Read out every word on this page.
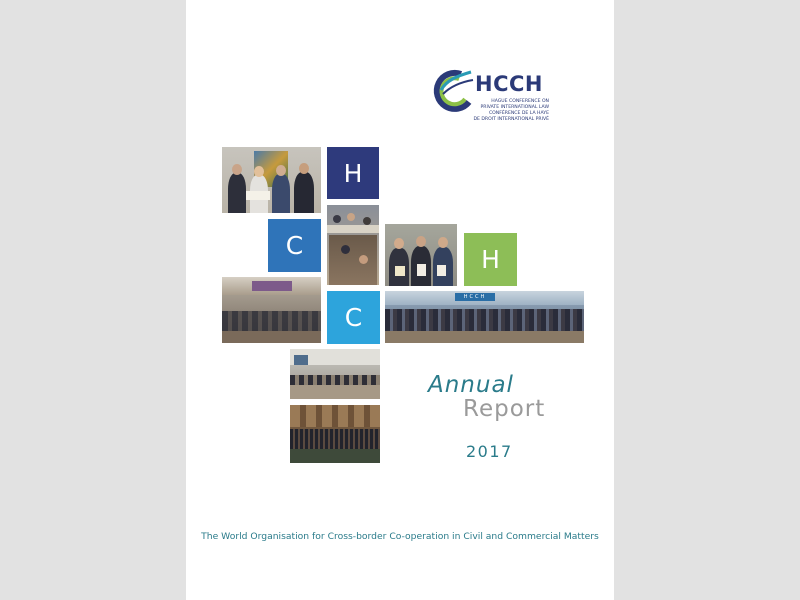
HCCH
HAGUE CONFERENCE ON
PRIVATE INTERNATIONAL LAW
CONFÉRENCE DE LA HAYE
DE DROIT INTERNATIONAL PRIVÉ
H
C	H
C
HCCH
Annual
Report
2017
The World Organisation for Cross-border Co-operation in Civil and Commercial Matters
